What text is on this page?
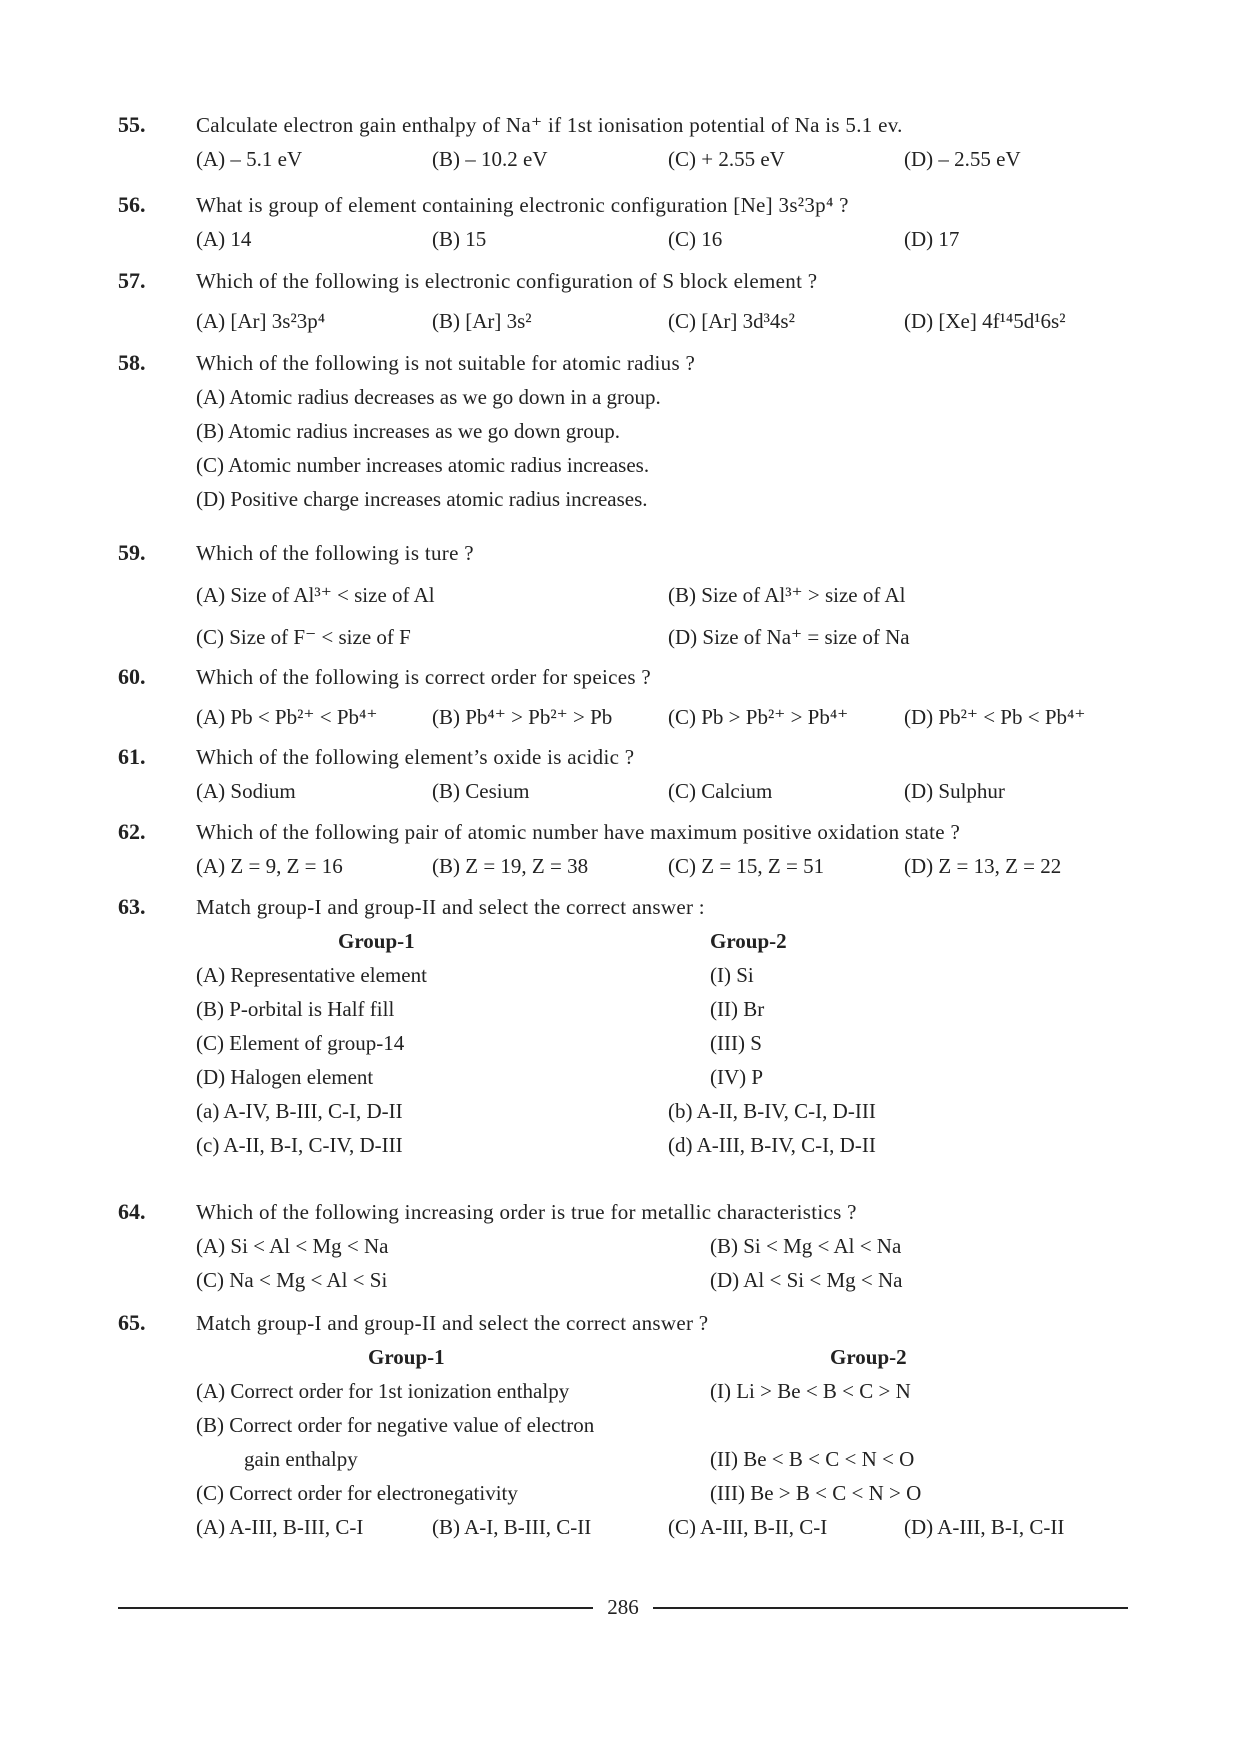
55. Calculate electron gain enthalpy of Na⁺ if 1st ionisation potential of Na is 5.1 ev.
(A) – 5.1 eV	(B) – 10.2 eV	(C) + 2.55 eV	(D) – 2.55 eV
56. What is group of element containing electronic configuration [Ne] 3s²3p⁴ ?
(A) 14	(B) 15	(C) 16	(D) 17
57. Which of the following is electronic configuration of S block element ?
(A) [Ar] 3s²3p⁴	(B) [Ar] 3s²	(C) [Ar] 3d³4s²	(D) [Xe] 4f¹⁴5d¹6s²
58. Which of the following is not suitable for atomic radius ?
(A) Atomic radius decreases as we go down in a group.
(B) Atomic radius increases as we go down group.
(C) Atomic number increases atomic radius increases.
(D) Positive charge increases atomic radius increases.
59. Which of the following is ture ?
(A) Size of Al³⁺ < size of Al	(B) Size of Al³⁺ > size of Al
(C) Size of F⁻ < size of F	(D) Size of Na⁺ = size of Na
60. Which of the following is correct order for speices ?
(A) Pb < Pb²⁺ < Pb⁴⁺	(B) Pb⁴⁺ > Pb²⁺ > Pb	(C) Pb > Pb²⁺ > Pb⁴⁺	(D) Pb²⁺ < Pb < Pb⁴⁺
61. Which of the following element’s oxide is acidic ?
(A) Sodium	(B) Cesium	(C) Calcium	(D) Sulphur
62. Which of the following pair of atomic number have maximum positive oxidation state ?
(A) Z = 9, Z = 16	(B) Z = 19, Z = 38	(C) Z = 15, Z = 51	(D) Z = 13, Z = 22
63. Match group-I and group-II and select the correct answer :
Group-1	Group-2
(A) Representative element	(I) Si
(B) P-orbital is Half fill	(II) Br
(C) Element of group-14	(III) S
(D) Halogen element	(IV) P
(a) A-IV, B-III, C-I, D-II	(b) A-II, B-IV, C-I, D-III
(c) A-II, B-I, C-IV, D-III	(d) A-III, B-IV, C-I, D-II
64. Which of the following increasing order is true for metallic characteristics ?
(A) Si < Al < Mg < Na	(B) Si < Mg < Al < Na
(C) Na < Mg < Al < Si	(D) Al < Si < Mg < Na
65. Match group-I and group-II and select the correct answer ?
Group-1	Group-2
(A) Correct order for 1st ionization enthalpy	(I) Li > Be < B < C > N
(B) Correct order for negative value of electron
gain enthalpy	(II) Be < B < C < N < O
(C) Correct order for electronegativity	(III) Be > B < C < N > O
(A) A-III, B-III, C-I	(B) A-I, B-III, C-II	(C) A-III, B-II, C-I	(D) A-III, B-I, C-II
286
